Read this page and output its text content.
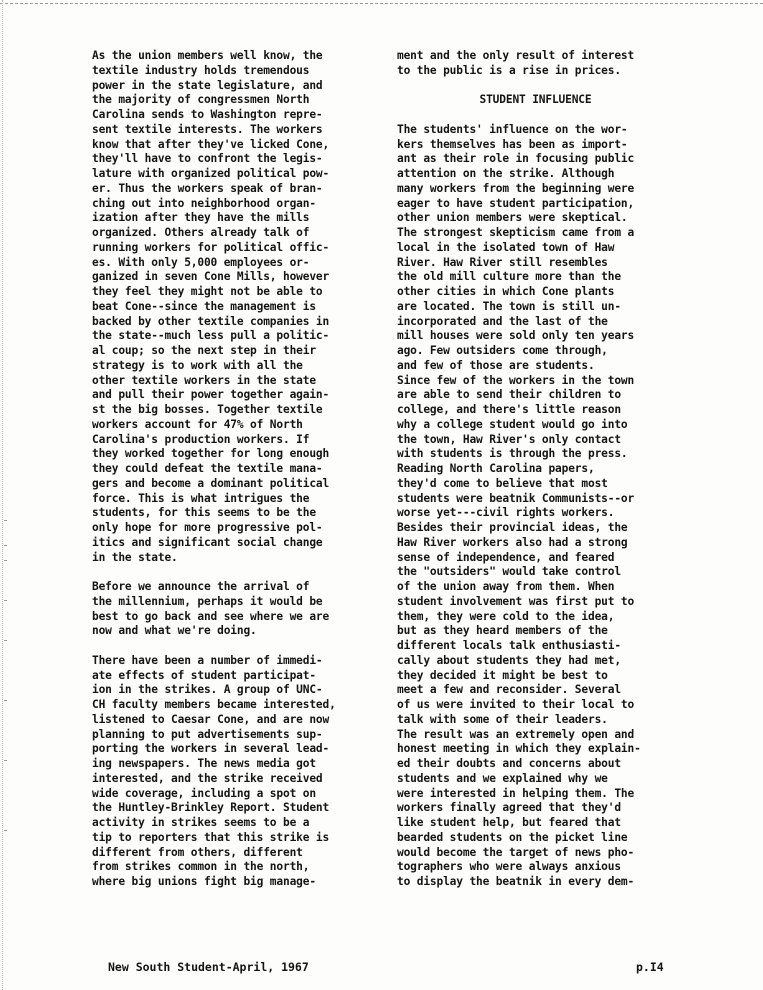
As the union members well know, the
textile industry holds tremendous
power in the state legislature, and
the majority of congressmen North
Carolina sends to Washington repre-
sent textile interests. The workers
know that after they've licked Cone,
they'll have to confront the legis-
lature with organized political pow-
er. Thus the workers speak of bran-
ching out into neighborhood organ-
ization after they have the mills
organized. Others already talk of
running workers for political offic-
es. With only 5,000 employees or-
ganized in seven Cone Mills, however
they feel they might not be able to
beat Cone--since the management is
backed by other textile companies in
the state--much less pull a politic-
al coup; so the next step in their
strategy is to work with all the
other textile workers in the state
and pull their power together again-
st the big bosses. Together textile
workers account for 47% of North
Carolina's production workers. If
they worked together for long enough
they could defeat the textile mana-
gers and become a dominant political
force. This is what intrigues the
students, for this seems to be the
only hope for more progressive pol-
itics and significant social change
in the state.
Before we announce the arrival of
the millennium, perhaps it would be
best to go back and see where we are
now and what we're doing.
There have been a number of immedi-
ate effects of student participat-
ion in the strikes. A group of UNC-
CH faculty members became interested,
listened to Caesar Cone, and are now
planning to put advertisements sup-
porting the workers in several lead-
ing newspapers. The news media got
interested, and the strike received
wide coverage, including a spot on
the Huntley-Brinkley Report. Student
activity in strikes seems to be a
tip to reporters that this strike is
different from others, different
from strikes common in the north,
where big unions fight big manage-
ment and the only result of interest
to the public is a rise in prices.
STUDENT INFLUENCE
The students' influence on the wor-
kers themselves has been as import-
ant as their role in focusing public
attention on the strike. Although
many workers from the beginning were
eager to have student participation,
other union members were skeptical.
The strongest skepticism came from a
local in the isolated town of Haw
River. Haw River still resembles
the old mill culture more than the
other cities in which Cone plants
are located. The town is still un-
incorporated and the last of the
mill houses were sold only ten years
ago. Few outsiders come through,
and few of those are students.
Since few of the workers in the town
are able to send their children to
college, and there's little reason
why a college student would go into
the town, Haw River's only contact
with students is through the press.
Reading North Carolina papers,
they'd come to believe that most
students were beatnik Communists--or
worse yet---civil rights workers.
Besides their provincial ideas, the
Haw River workers also had a strong
sense of independence, and feared
the "outsiders" would take control
of the union away from them. When
student involvement was first put to
them, they were cold to the idea,
but as they heard members of the
different locals talk enthusiasti-
cally about students they had met,
they decided it might be best to
meet a few and reconsider. Several
of us were invited to their local to
talk with some of their leaders.
The result was an extremely open and
honest meeting in which they explain-
ed their doubts and concerns about
students and we explained why we
were interested in helping them. The
workers finally agreed that they'd
like student help, but feared that
bearded students on the picket line
would become the target of news pho-
tographers who were always anxious
to display the beatnik in every dem-
New South Student-April, 1967	p.I4
